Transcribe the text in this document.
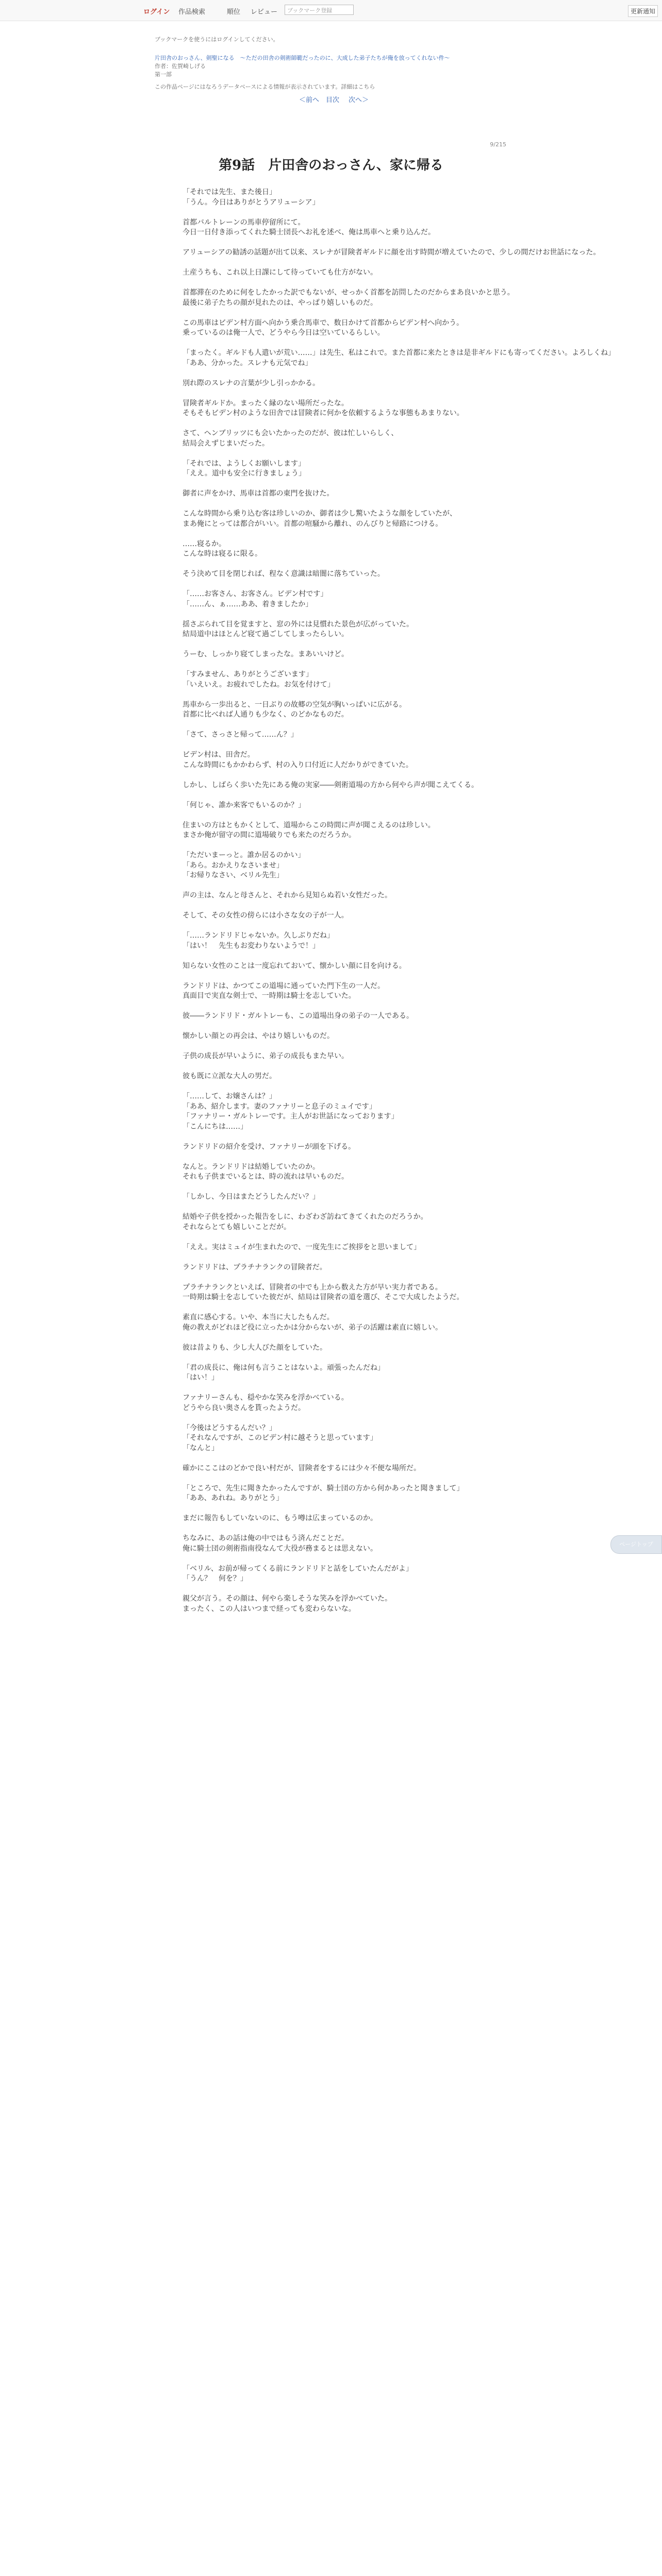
ログイン 作品検索	順位 レビュー	ブックマーク登録	更新通知
ブックマークを使うにはログインしてください。
片田舎のおっさん、剣聖になる　～ただの田舎の剣術師範だったのに、大成した弟子たちが俺を放ってくれない件～
作者：佐賀崎しげる
第一部
この作品ページにはなろうデータベースによる情報が表示されています。詳細はこちら
＜前へ 目次 次へ＞
9/215
第9話　片田舎のおっさん、家に帰る
「それでは先生、また後日」
「うん。今日はありがとうアリューシア」
首都バルトレーンの馬車停留所にて。
今日一日付き添ってくれた騎士団長へお礼を述べ、俺は馬車へと乗り込んだ。
アリューシアの勧誘の話題が出て以来、スレナが冒険者ギルドに顔を出す時間が増えていたので、少しの間だけお世話になった。
土産うちも、これ以上日課にして待っていても仕方がない。
首都滞在のために何をしたかった訳でもないが、せっかく首都を訪問したのだからまあ良いかと思う。
最後に弟子たちの顔が見れたのは、やっぱり嬉しいものだ。
この馬車はビデン村方面へ向かう乗合馬車で、数日かけて首都からビデン村へ向かう。
乗っているのは俺一人で、どうやら今日は空いているらしい。
「まったく。ギルドも人遣いが荒い……」は先生、私はこれで。また首都に来たときは是非ギルドにも寄ってください。よろしくね」
「ああ、分かった。スレナも元気でね」
別れ際のスレナの言葉が少し引っかかる。
冒険者ギルドか。まったく縁のない場所だったな。
そもそもビデン村のような田舎では冒険者に何かを依頼するような事態もあまりない。
さて、ヘンブリッツにも会いたかったのだが、彼は忙しいらしく、
結局会えずじまいだった。
「それでは、ようしくお願いします」
「ええ。道中も安全に行きましょう」
御者に声をかけ、馬車は首都の東門を抜けた。
こんな時間から乗り込む客は珍しいのか、御者は少し驚いたような顔をしていたが、
まあ俺にとっては都合がいい。首都の喧騒から離れ、のんびりと帰路につける。
……寝るか。
こんな時は寝るに限る。
そう決めて目を閉じれば、程なく意識は暗闇に落ちていった。
「……お客さん、お客さん。ビデン村です」
「……ん、ぁ……ああ、着きましたか」
揺さぶられて目を覚ますと、窓の外には見慣れた景色が広がっていた。
結局道中はほとんど寝て過ごしてしまったらしい。
うーむ、しっかり寝てしまったな。まあいいけど。
「すみません、ありがとうございます」
「いえいえ。お疲れでしたね。お気を付けて」
馬車から一歩出ると、一日ぶりの故郷の空気が胸いっぱいに広がる。
首都に比べれば人通りも少なく、のどかなものだ。
「さて、さっさと帰って……ん？」
ビデン村は、田舎だ。
こんな時間にもかかわらず、村の入り口付近に人だかりができていた。
しかし、しばらく歩いた先にある俺の実家――剣術道場の方から何やら声が聞こえてくる。
「何じゃ、誰か来客でもいるのか？」
住まいの方はともかくとして、道場からこの時間に声が聞こえるのは珍しい。
まさか俺が留守の間に道場破りでも来たのだろうか。
「ただいまーっと。誰か居るのかい」
「あら。おかえりなさいませ」
「お帰りなさい、ベリル先生」
声の主は、なんと母さんと、それから見知らぬ若い女性だった。
そして、その女性の傍らには小さな女の子が一人。
「……ランドリドじゃないか。久しぶりだね」
「はい！　先生もお変わりないようで！」
知らない女性のことは一度忘れておいて、懐かしい顔に目を向ける。
ランドリドは、かつてこの道場に通っていた門下生の一人だ。
真面目で実直な剣士で、一時期は騎士を志していた。
彼――ランドリド・ガルトレーも、この道場出身の弟子の一人である。
懐かしい顔との再会は、やはり嬉しいものだ。
子供の成長が早いように、弟子の成長もまた早い。
彼も既に立派な大人の男だ。
「……して、お嬢さんは？」
「ああ、紹介します。妻のファナリーと息子のミュイです」
「ファナリー・ガルトレーです。主人がお世話になっております」
「こんにちは……」
ランドリドの紹介を受け、ファナリーが頭を下げる。
なんと。ランドリドは結婚していたのか。
それも子供までいるとは、時の流れは早いものだ。
「しかし、今日はまたどうしたんだい？」
結婚や子供を授かった報告をしに、わざわざ訪ねてきてくれたのだろうか。
それならとても嬉しいことだが。
「ええ。実はミュイが生まれたので、一度先生にご挨拶をと思いまして」
ランドリドは、プラチナランクの冒険者だ。
プラチナランクといえば、冒険者の中でも上から数えた方が早い実力者である。
一時期は騎士を志していた彼だが、結局は冒険者の道を選び、そこで大成したようだ。
素直に感心する。いや、本当に大したもんだ。
俺の教えがどれほど役に立ったかは分からないが、弟子の活躍は素直に嬉しい。
彼は昔よりも、少し大人びた顔をしていた。
「君の成長に、俺は何も言うことはないよ。頑張ったんだね」
「はい！」
ファナリーさんも、穏やかな笑みを浮かべている。
どうやら良い奥さんを貰ったようだ。
「今後はどうするんだい？」
「それなんですが、このビデン村に越そうと思っています」
「なんと」
確かにここはのどかで良い村だが、冒険者をするには少々不便な場所だ。
「ところで、先生に聞きたかったんですが、騎士団の方から何かあったと聞きまして」
「ああ、あれね。ありがとう」
まだに報告もしていないのに、もう噂は広まっているのか。
ちなみに、あの話は俺の中ではもう済んだことだ。
俺に騎士団の剣術指南役なんて大役が務まるとは思えない。
「ベリル、お前が帰ってくる前にランドリドと話をしていたんだがよ」
「うん？　何を？」
親父が言う。その顔は、何やら楽しそうな笑みを浮かべていた。
まったく、この人はいつまで経っても変わらないな。
ページトップ
